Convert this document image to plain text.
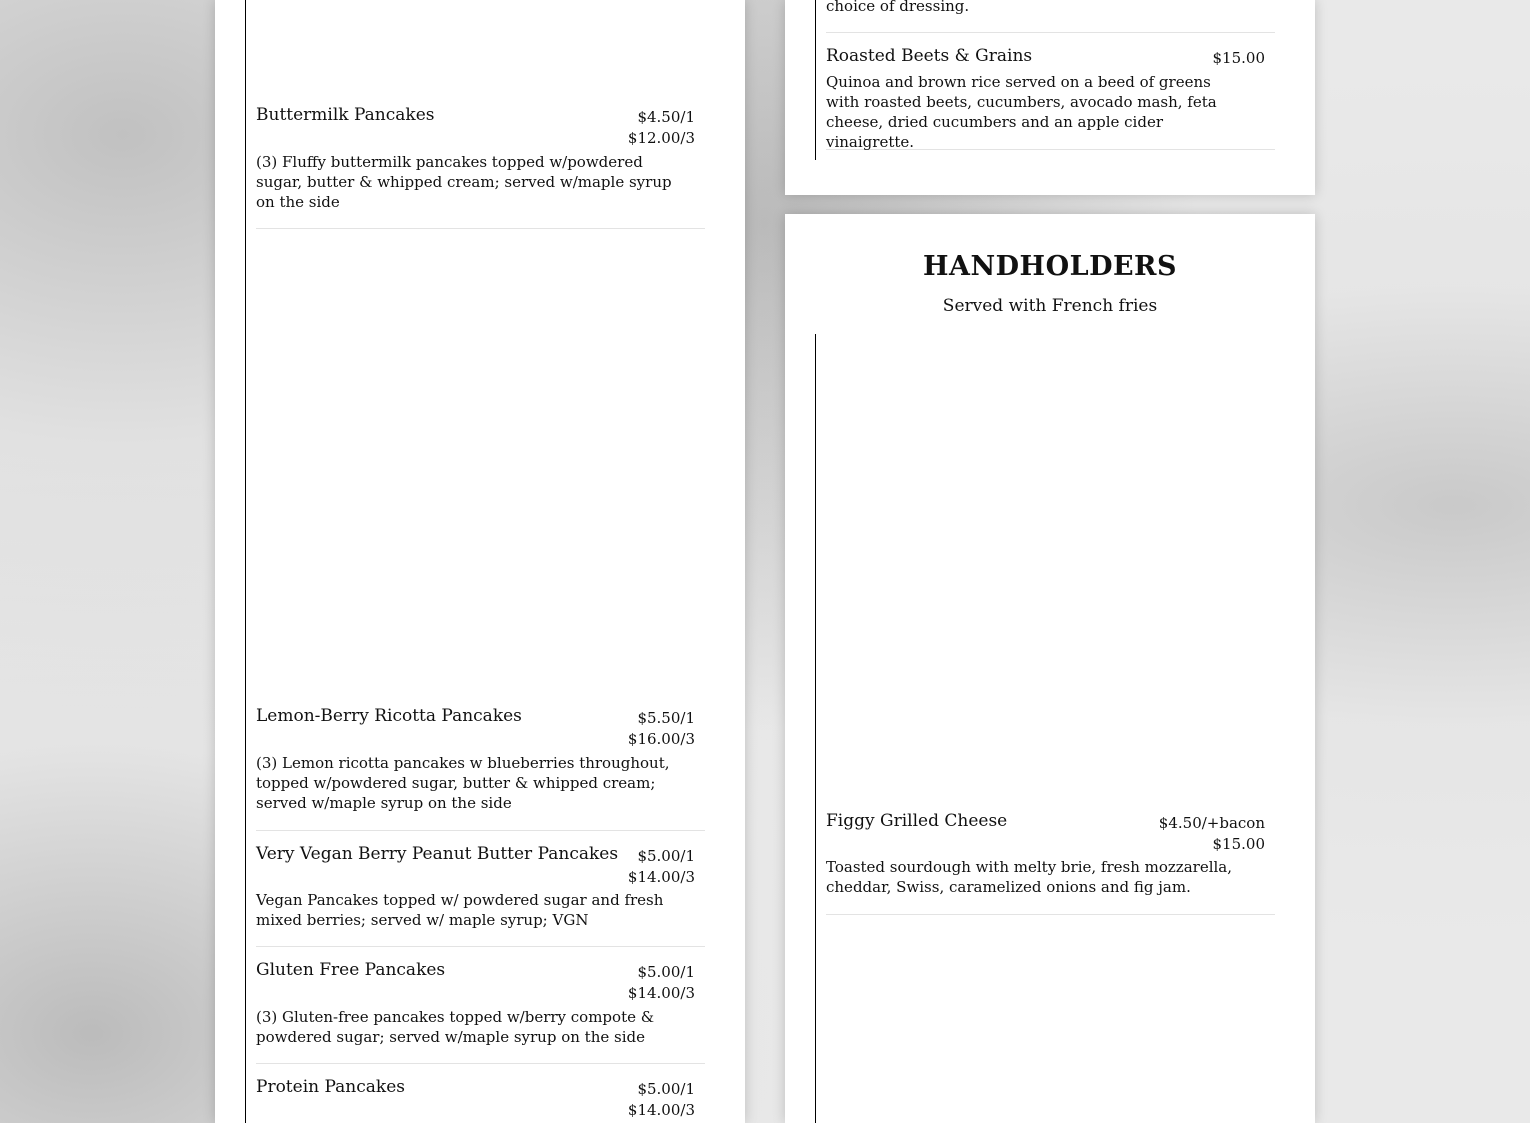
Buttermilk Pancakes	$4.50/1
$12.00/3
(3) Fluffy buttermilk pancakes topped w/powdered sugar, butter & whipped cream; served w/maple syrup on the side
Lemon-Berry Ricotta Pancakes	$5.50/1
$16.00/3
(3) Lemon ricotta pancakes w blueberries throughout, topped w/powdered sugar, butter & whipped cream; served w/maple syrup on the side
Very Vegan Berry Peanut Butter Pancakes	$5.00/1
$14.00/3
Vegan Pancakes topped w/ powdered sugar and fresh mixed berries; served w/ maple syrup; VGN
Gluten Free Pancakes	$5.00/1
$14.00/3
(3) Gluten-free pancakes topped w/berry compote & powdered sugar; served w/maple syrup on the side
Protein Pancakes	$5.00/1
$14.00/3
choice of dressing.
Roasted Beets & Grains	$15.00
Quinoa and brown rice served on a beed of greens with roasted beets, cucumbers, avocado mash, feta cheese, dried cucumbers and an apple cider vinaigrette.
HANDHOLDERS

Served with French fries

Figgy Grilled Cheese	$4.50/+bacon
$15.00
Toasted sourdough with melty brie, fresh mozzarella, cheddar, Swiss, caramelized onions and fig jam.
